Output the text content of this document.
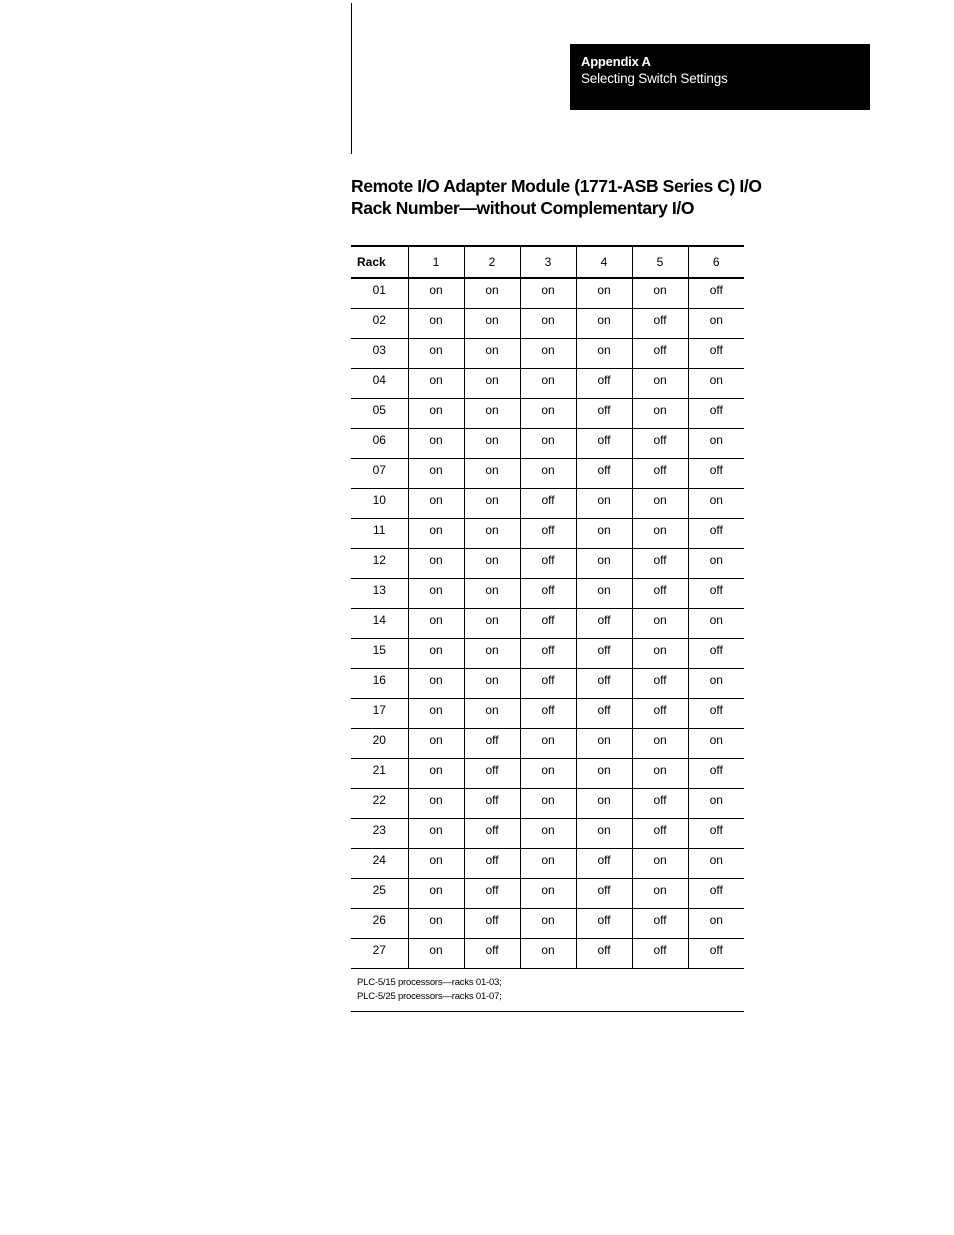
Appendix A
Selecting Switch Settings
Remote I/O Adapter Module (1771-ASB Series C) I/O Rack Number—without Complementary I/O
Rack	1	2	3	4	5	6
01	on	on	on	on	on	off
02	on	on	on	on	off	on
03	on	on	on	on	off	off
04	on	on	on	off	on	on
05	on	on	on	off	on	off
06	on	on	on	off	off	on
07	on	on	on	off	off	off
10	on	on	off	on	on	on
11	on	on	off	on	on	off
12	on	on	off	on	off	on
13	on	on	off	on	off	off
14	on	on	off	off	on	on
15	on	on	off	off	on	off
16	on	on	off	off	off	on
17	on	on	off	off	off	off
20	on	off	on	on	on	on
21	on	off	on	on	on	off
22	on	off	on	on	off	on
23	on	off	on	on	off	off
24	on	off	on	off	on	on
25	on	off	on	off	on	off
26	on	off	on	off	off	on
27	on	off	on	off	off	off
PLC-5/15 processors—racks 01-03;
PLC-5/25 processors—racks 01-07;
